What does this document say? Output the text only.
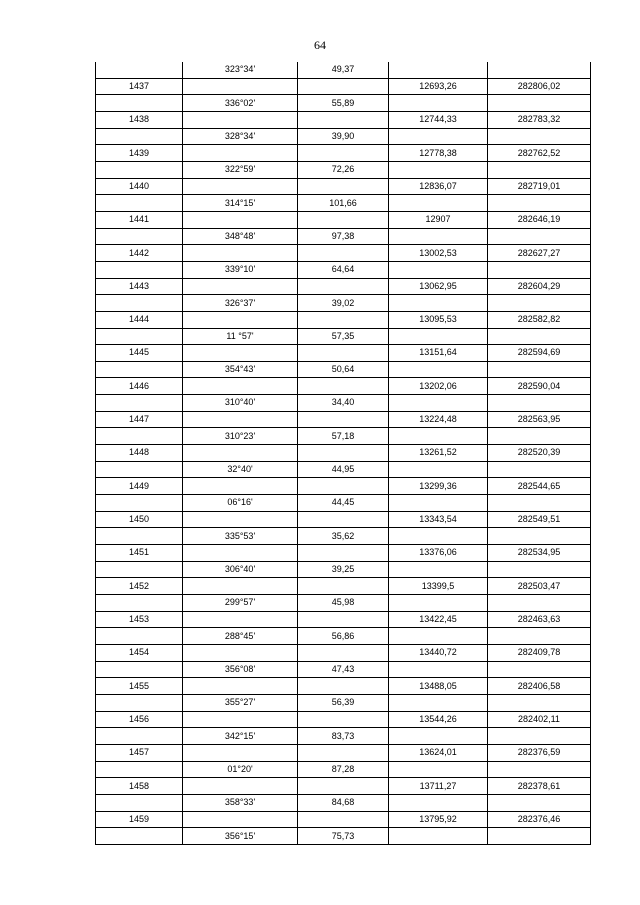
64
	323°34'	49,37		
1437			12693,26	282806,02
	336°02'	55,89		
1438			12744,33	282783,32
	328°34'	39,90		
1439			12778,38	282762,52
	322°59'	72,26		
1440			12836,07	282719,01
	314°15'	101,66		
1441			12907	282646,19
	348°48'	97,38		
1442			13002,53	282627,27
	339°10'	64,64		
1443			13062,95	282604,29
	326°37'	39,02		
1444			13095,53	282582,82
	11 °57'	57,35		
1445			13151,64	282594,69
	354°43'	50,64		
1446			13202,06	282590,04
	310°40'	34,40		
1447			13224,48	282563,95
	310°23'	57,18		
1448			13261,52	282520,39
	32°40'	44,95		
1449			13299,36	282544,65
	06°16'	44,45		
1450			13343,54	282549,51
	335°53'	35,62		
1451			13376,06	282534,95
	306°40'	39,25		
1452			13399,5	282503,47
	299°57'	45,98		
1453			13422,45	282463,63
	288°45'	56,86		
1454			13440,72	282409,78
	356°08'	47,43		
1455			13488,05	282406,58
	355°27'	56,39		
1456			13544,26	282402,11
	342°15'	83,73		
1457			13624,01	282376,59
	01°20'	87,28		
1458			13711,27	282378,61
	358°33'	84,68		
1459			13795,92	282376,46
	356°15'	75,73		
